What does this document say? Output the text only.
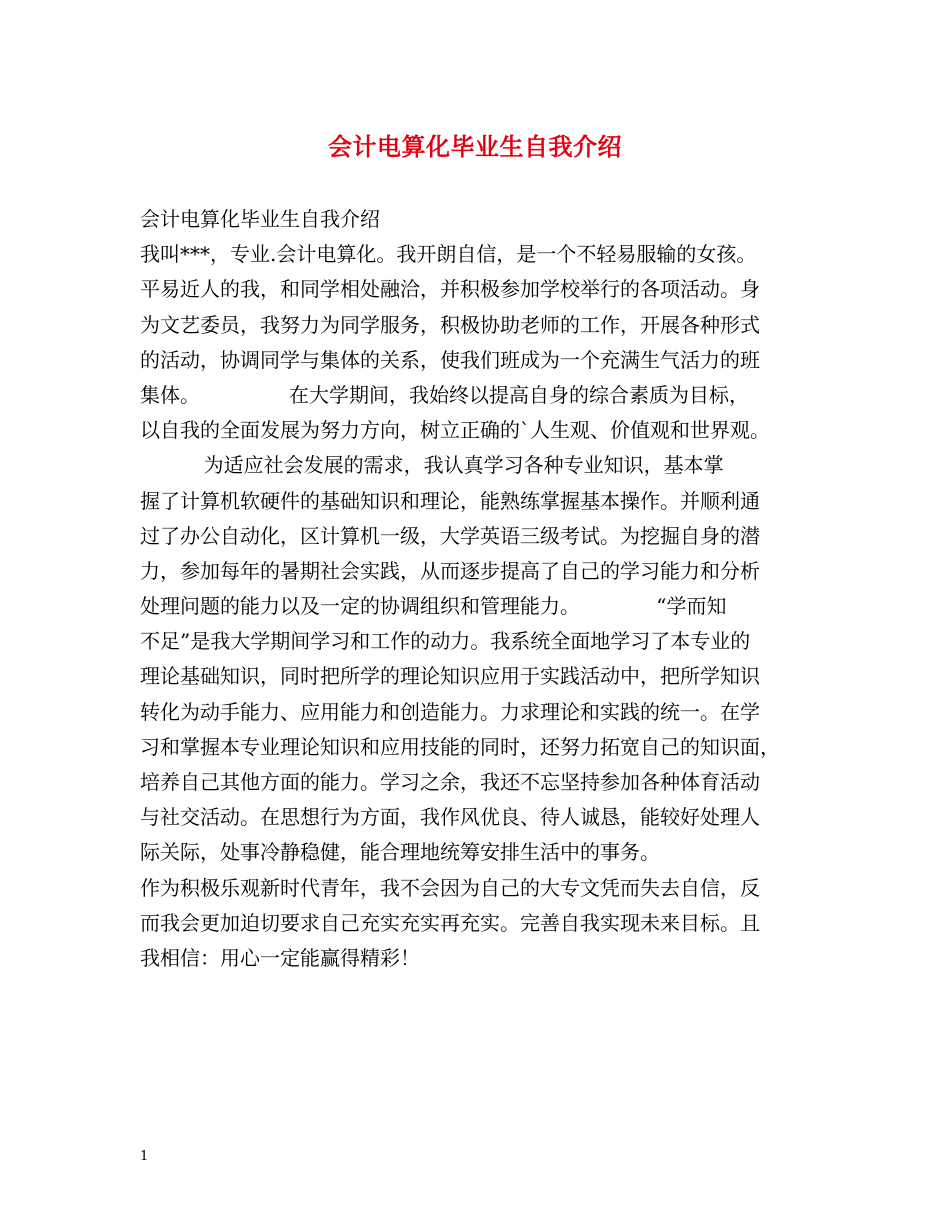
会计电算化毕业生自我介绍
会计电算化毕业生自我介绍
我叫***，专业.会计电算化。我开朗自信，是一个不轻易服输的女孩。
平易近人的我，和同学相处融洽，并积极参加学校举行的各项活动。身
为文艺委员，我努力为同学服务，积极协助老师的工作，开展各种形式
的活动，协调同学与集体的关系，使我们班成为一个充满生气活力的班
集体。              在大学期间，我始终以提高自身的综合素质为目标，
以自我的全面发展为努力方向，树立正确的`人生观、价值观和世界观。
为适应社会发展的需求，我认真学习各种专业知识，基本掌
握了计算机软硬件的基础知识和理论，能熟练掌握基本操作。并顺利通
过了办公自动化，区计算机一级，大学英语三级考试。为挖掘自身的潜
力，参加每年的暑期社会实践，从而逐步提高了自己的学习能力和分析
处理问题的能力以及一定的协调组织和管理能力。            “学而知
不足”是我大学期间学习和工作的动力。我系统全面地学习了本专业的
理论基础知识，同时把所学的理论知识应用于实践活动中，把所学知识
转化为动手能力、应用能力和创造能力。力求理论和实践的统一。在学
习和掌握本专业理论知识和应用技能的同时，还努力拓宽自己的知识面，
培养自己其他方面的能力。学习之余，我还不忘坚持参加各种体育活动
与社交活动。在思想行为方面，我作风优良、待人诚恳，能较好处理人
际关际，处事冷静稳健，能合理地统筹安排生活中的事务。
作为积极乐观新时代青年，我不会因为自己的大专文凭而失去自信，反
而我会更加迫切要求自己充实充实再充实。完善自我实现未来目标。且
我相信：用心一定能赢得精彩！
1
